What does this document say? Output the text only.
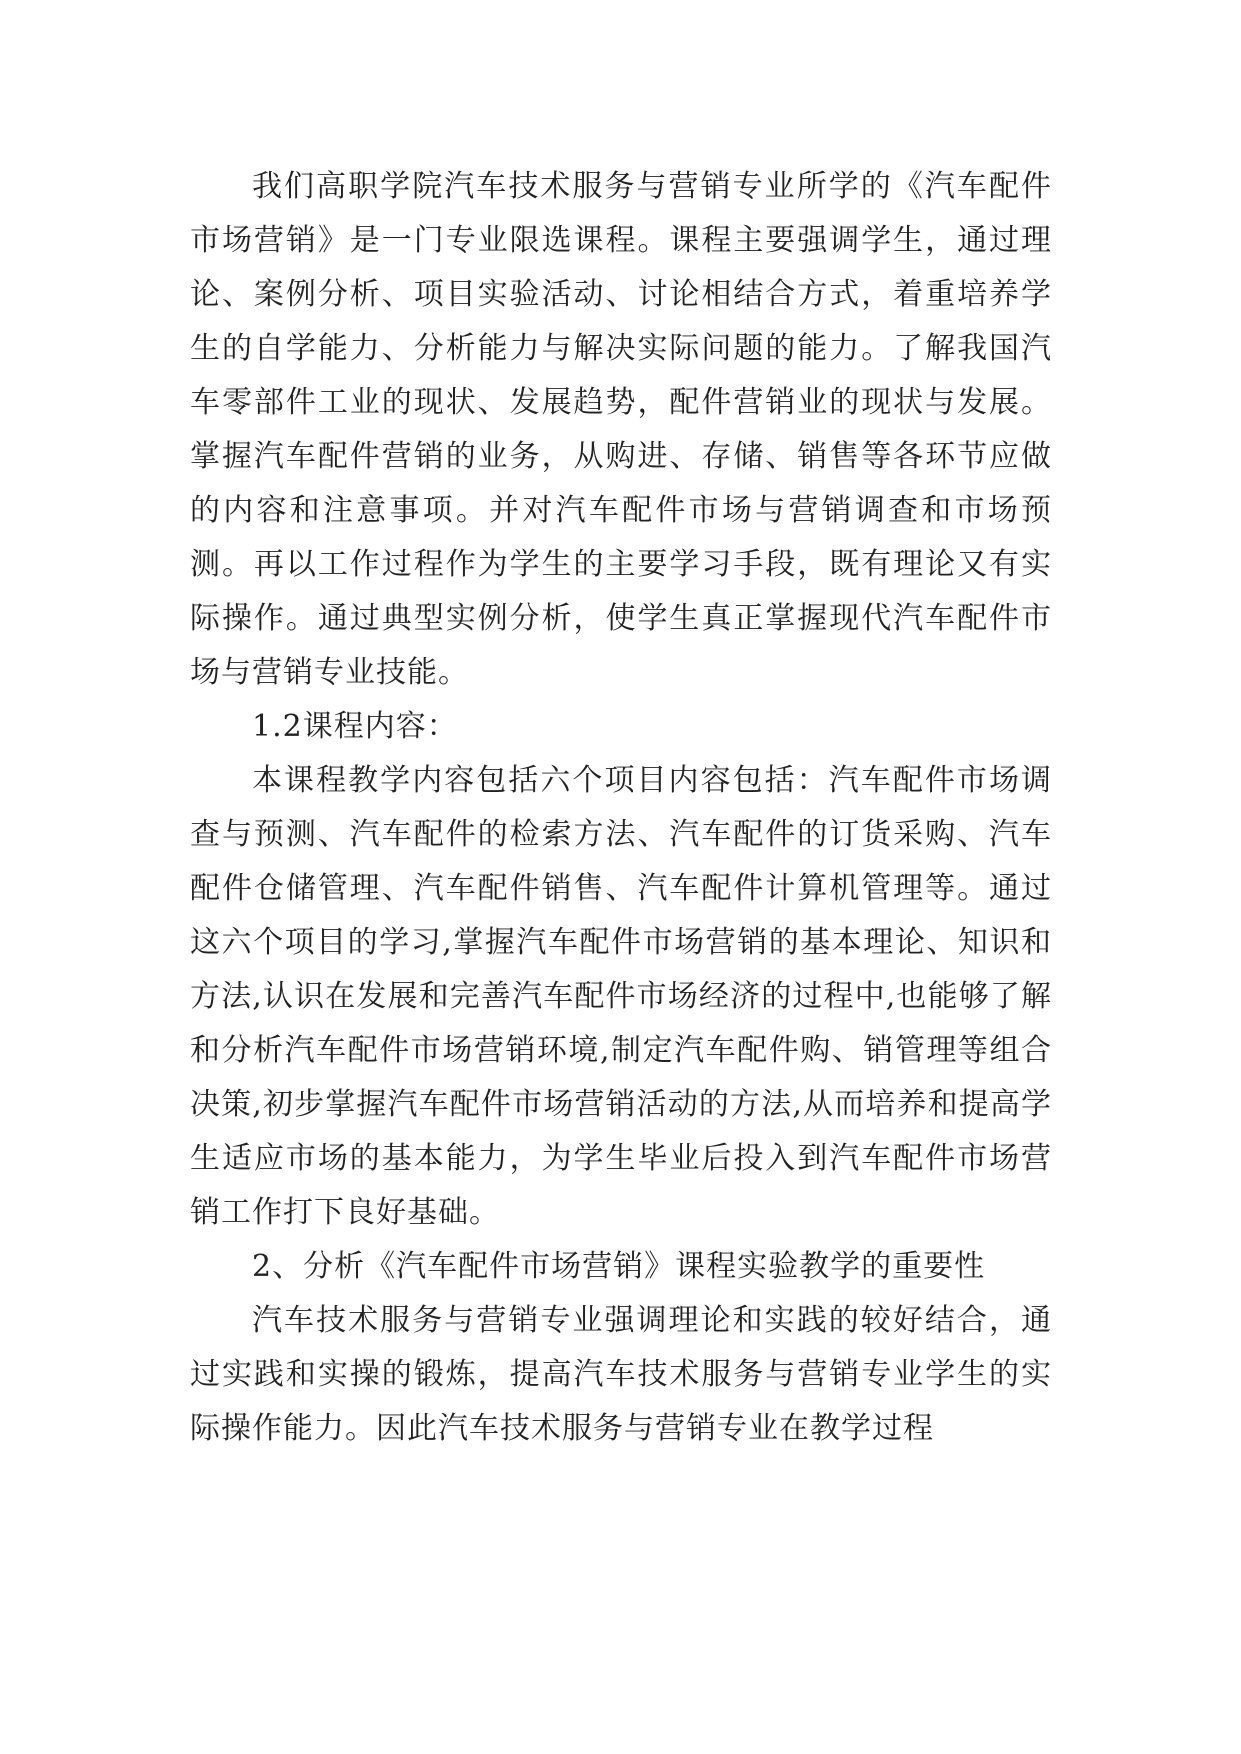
我们高职学院汽车技术服务与营销专业所学的《汽车配件市场营销》是一门专业限选课程。课程主要强调学生，通过理论、案例分析、项目实验活动、讨论相结合方式，着重培养学生的自学能力、分析能力与解决实际问题的能力。了解我国汽车零部件工业的现状、发展趋势，配件营销业的现状与发展。掌握汽车配件营销的业务，从购进、存储、销售等各环节应做的内容和注意事项。并对汽车配件市场与营销调查和市场预测。再以工作过程作为学生的主要学习手段，既有理论又有实际操作。通过典型实例分析，使学生真正掌握现代汽车配件市场与营销专业技能。

1.2课程内容：

本课程教学内容包括六个项目内容包括：汽车配件市场调查与预测、汽车配件的检索方法、汽车配件的订货采购、汽车配件仓储管理、汽车配件销售、汽车配件计算机管理等。通过这六个项目的学习,掌握汽车配件市场营销的基本理论、知识和方法,认识在发展和完善汽车配件市场经济的过程中,也能够了解和分析汽车配件市场营销环境,制定汽车配件购、销管理等组合决策,初步掌握汽车配件市场营销活动的方法,从而培养和提高学生适应市场的基本能力，为学生毕业后投入到汽车配件市场营销工作打下良好基础。

2、分析《汽车配件市场营销》课程实验教学的重要性

汽车技术服务与营销专业强调理论和实践的较好结合，通过实践和实操的锻炼，提高汽车技术服务与营销专业学生的实际操作能力。因此汽车技术服务与营销专业在教学过程
